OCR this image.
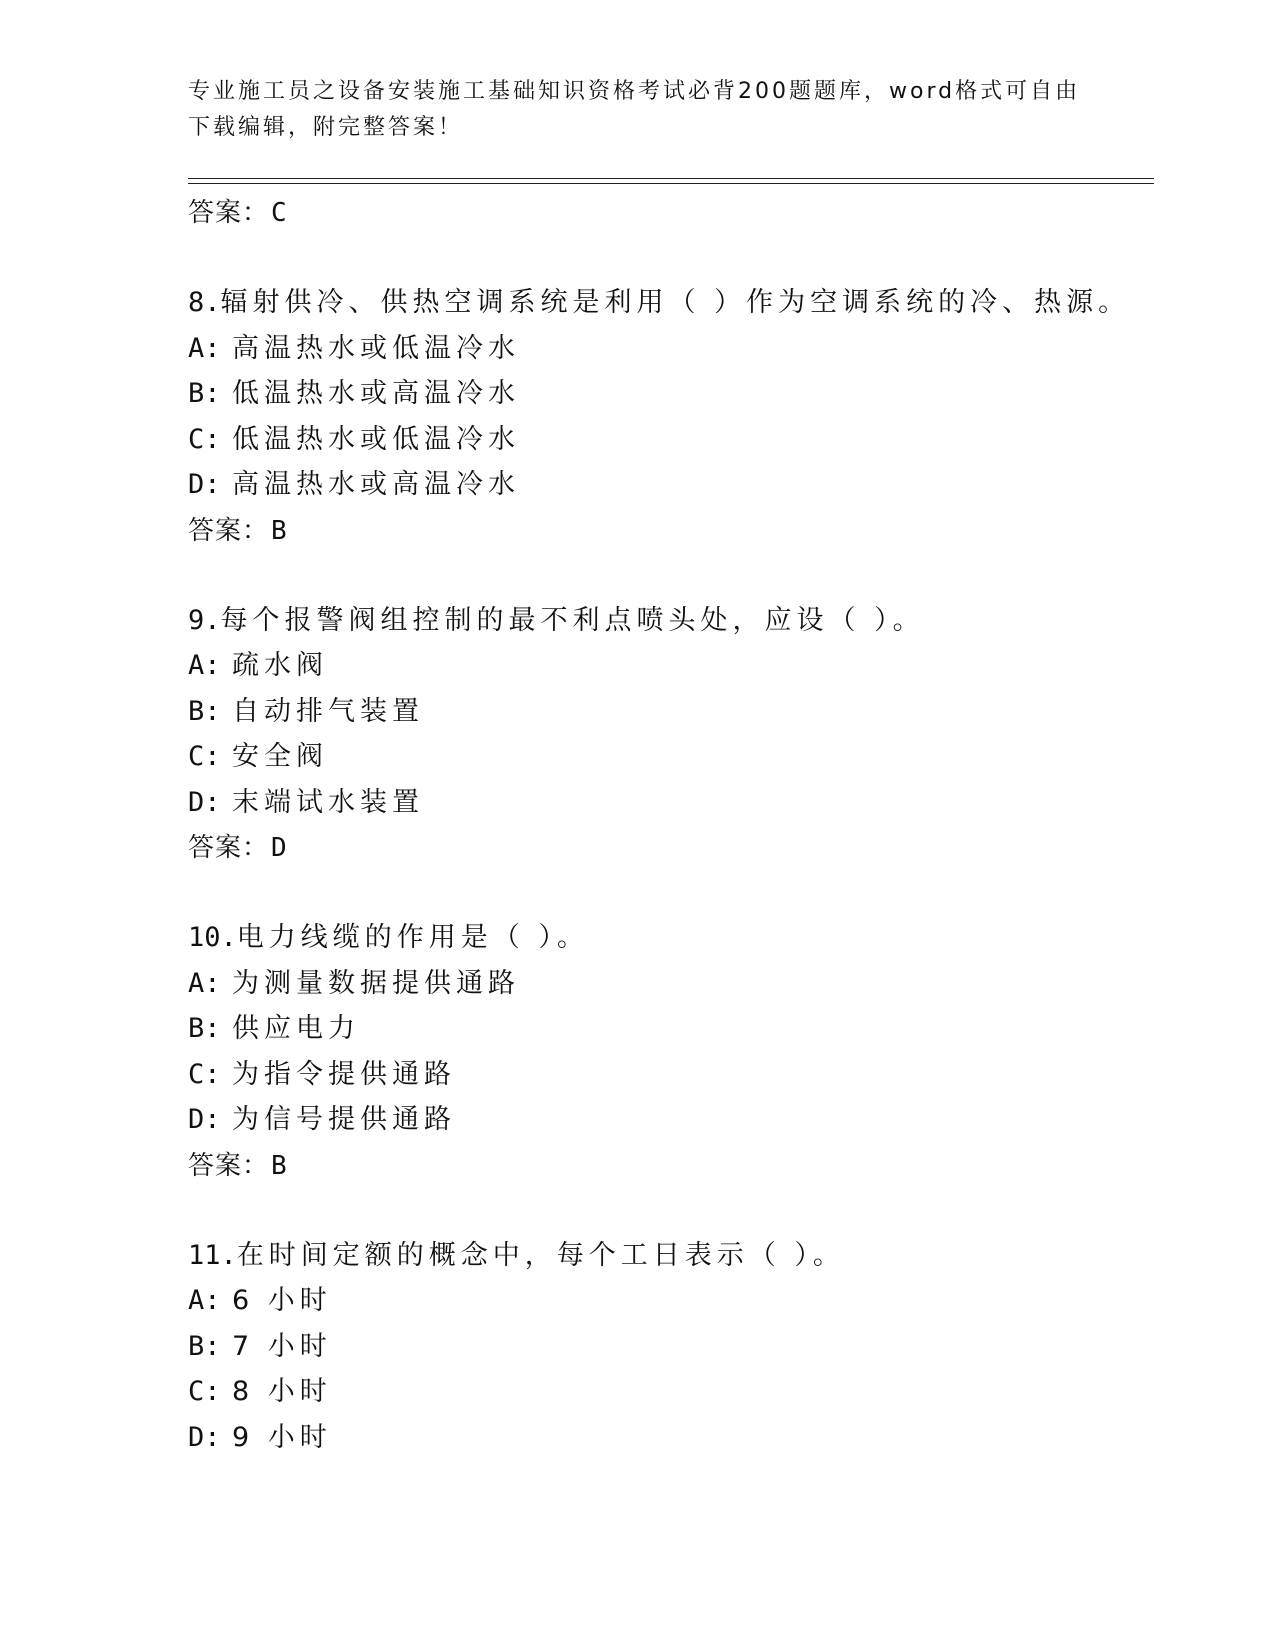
专业施工员之设备安装施工基础知识资格考试必背200题题库，word格式可自由
下载编辑，附完整答案！
答案：C
8.辐射供冷、供热空调系统是利用（ ）作为空调系统的冷、热源。
A: 高温热水或低温冷水
B: 低温热水或高温冷水
C: 低温热水或低温冷水
D: 高温热水或高温冷水
答案：B
9.每个报警阀组控制的最不利点喷头处，应设（ ）。
A: 疏水阀
B: 自动排气装置
C: 安全阀
D: 末端试水装置
答案：D
10.电力线缆的作用是（ ）。
A: 为测量数据提供通路
B: 供应电力
C: 为指令提供通路
D: 为信号提供通路
答案：B
11.在时间定额的概念中，每个工日表示（ ）。
A: 6 小时
B: 7 小时
C: 8 小时
D: 9 小时
